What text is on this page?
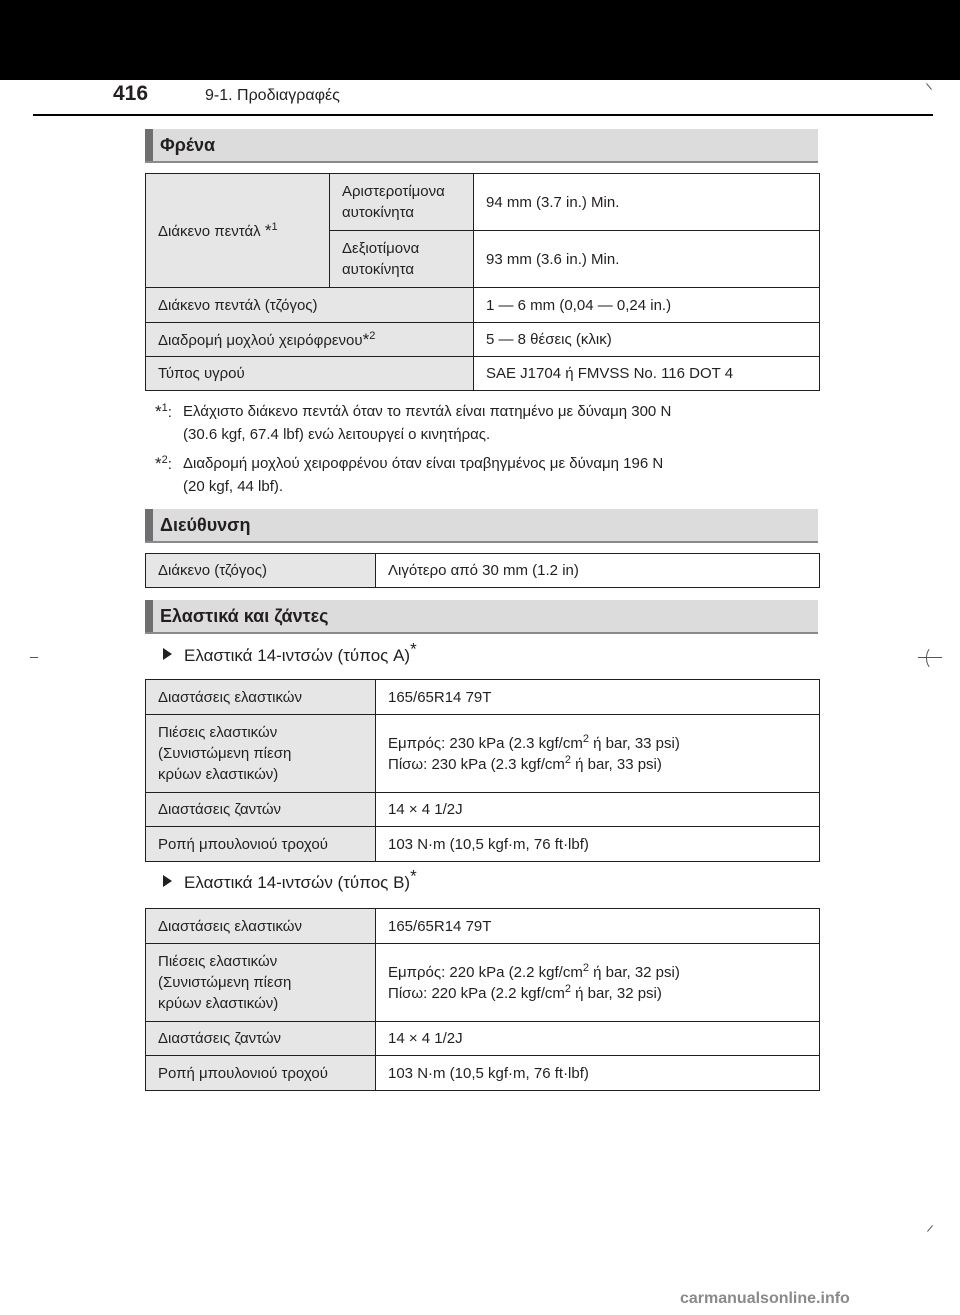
416	9-1. Προδιαγραφές
Φρένα
Διάκενο πεντάλ *$^1$	Αριστεροτίμονα
αυτοκίνητα	94 mm (3.7 in.) Min.
	Δεξιοτίμονα
αυτοκίνητα	93 mm (3.6 in.) Min.
Διάκενο πεντάλ (τζόγος)		1 — 6 mm (0,04 — 0,24 in.)
Διαδρομή μοχλού χειρόφρενου*$^2$		5 — 8 θέσεις (κλικ)
Τύπος υγρού		SAE J1704 ή FMVSS No. 116 DOT 4
*$^1$: Ελάχιστο διάκενο πεντάλ όταν το πεντάλ είναι πατημένο με δύναμη 300 N
(30.6 kgf, 67.4 lbf) ενώ λειτουργεί ο κινητήρας.
*$^2$: Διαδρομή μοχλού χειροφρένου όταν είναι τραβηγμένος με δύναμη 196 N
(20 kgf, 44 lbf).
Διεύθυνση
Διάκενο (τζόγος)	Λιγότερο από 30 mm (1.2 in)
Ελαστικά και ζάντες
Ελαστικά 14-ιντσών (τύπος A)*
Διαστάσεις ελαστικών	165/65R14 79T
Πιέσεις ελαστικών
(Συνιστώμενη πίεση
κρύων ελαστικών)	Εμπρός: 230 kPa (2.3 kgf/$cm^2$ ή bar, 33 psi)
Πίσω: 230 kPa (2.3 kgf/$cm^2$ ή bar, 33 psi)
Διαστάσεις ζαντών	14 × 4 1/2J
Ροπή μπουλονιού τροχού	103 N·m (10,5 kgf·m, 76 ft·lbf)
Ελαστικά 14-ιντσών (τύπος B)*
Διαστάσεις ελαστικών	165/65R14 79T
Πιέσεις ελαστικών
(Συνιστώμενη πίεση
κρύων ελαστικών)	Εμπρός: 220 kPa (2.2 kgf/$cm^2$ ή bar, 32 psi)
Πίσω: 220 kPa (2.2 kgf/$cm^2$ ή bar, 32 psi)
Διαστάσεις ζαντών	14 × 4 1/2J
Ροπή μπουλονιού τροχού	103 N·m (10,5 kgf·m, 76 ft·lbf)
carmanualsonline.info
